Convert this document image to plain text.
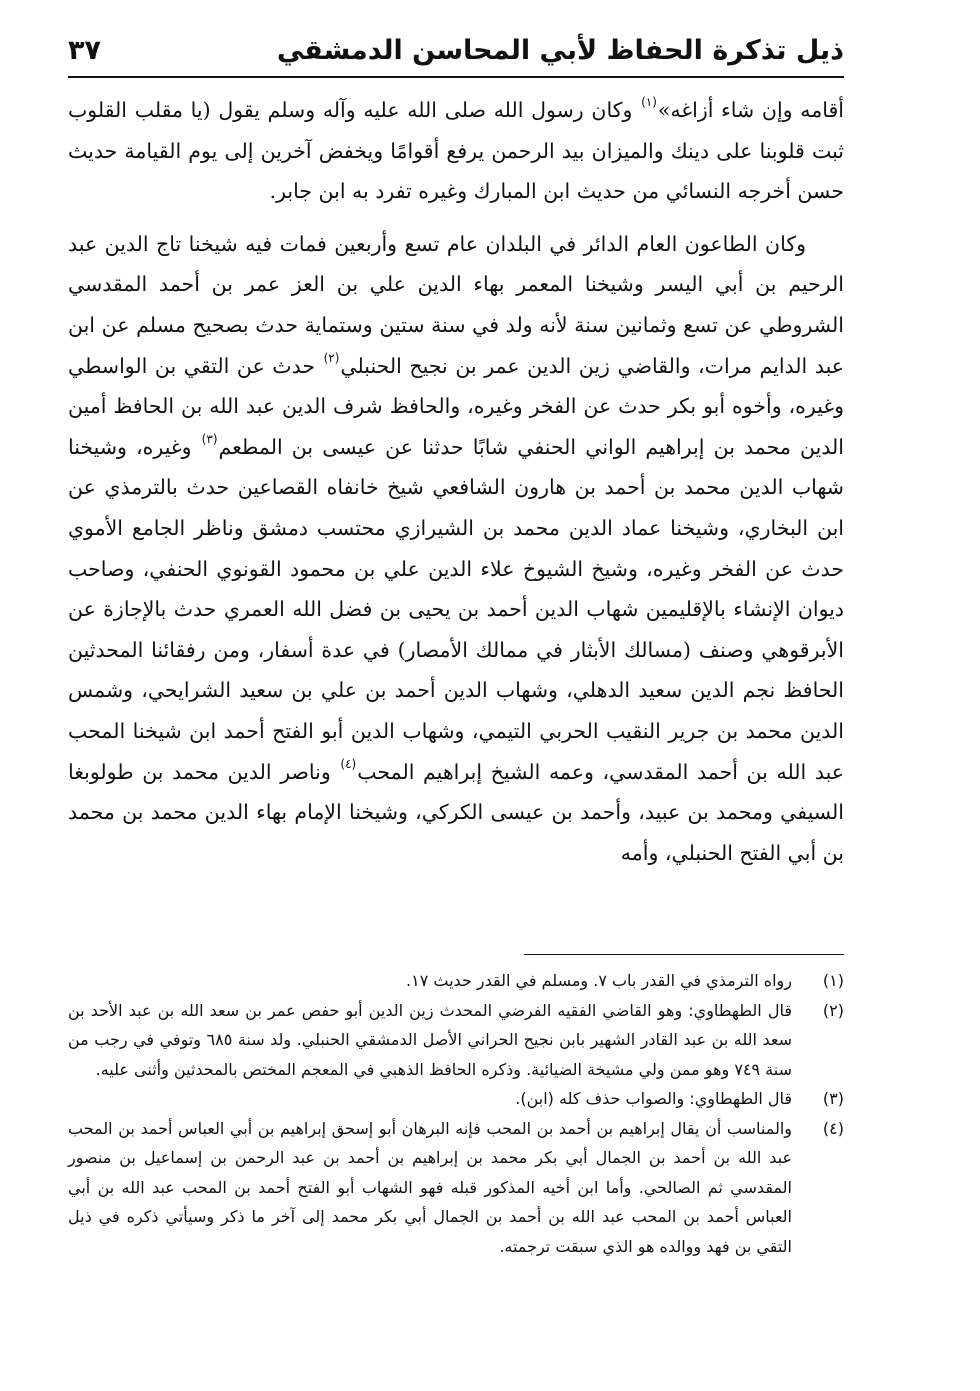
ذيل تذكرة الحفاظ لأبي المحاسن الدمشقي
٣٧

أقامه وإن شاء أزاغه»$^{(١)}$ وكان رسول الله صلى الله عليه وآله وسلم يقول (يا مقلب القلوب ثبت قلوبنا على دينك والميزان بيد الرحمن يرفع أقوامًا ويخفض آخرين إلى يوم القيامة حديث حسن أخرجه النسائي من حديث ابن المبارك وغيره تفرد به ابن جابر.

وكان الطاعون العام الدائر في البلدان عام تسع وأربعين فمات فيه شيخنا تاج الدين عبد الرحيم بن أبي اليسر وشيخنا المعمر بهاء الدين علي بن العز عمر بن أحمد المقدسي الشروطي عن تسع وثمانين سنة لأنه ولد في سنة ستين وستماية حدث بصحيح مسلم عن ابن عبد الدايم مرات، والقاضي زين الدين عمر بن نجيح الحنبلي$^{(٢)}$ حدث عن التقي بن الواسطي وغيره، وأخوه أبو بكر حدث عن الفخر وغيره، والحافظ شرف الدين عبد الله بن الحافظ أمين الدين محمد بن إبراهيم الواني الحنفي شابًا حدثنا عن عيسى بن المطعم$^{(٣)}$ وغيره، وشيخنا شهاب الدين محمد بن أحمد بن هارون الشافعي شيخ خانفاه القصاعين حدث بالترمذي عن ابن البخاري، وشيخنا عماد الدين محمد بن الشيرازي محتسب دمشق وناظر الجامع الأموي حدث عن الفخر وغيره، وشيخ الشيوخ علاء الدين علي بن محمود القونوي الحنفي، وصاحب ديوان الإنشاء بالإقليمين شهاب الدين أحمد بن يحيى بن فضل الله العمري حدث بالإجازة عن الأبرقوهي وصنف (مسالك الأبثار في ممالك الأمصار) في عدة أسفار، ومن رفقائنا المحدثين الحافظ نجم الدين سعيد الدهلي، وشهاب الدين أحمد بن علي بن سعيد الشرايحي، وشمس الدين محمد بن جرير النقيب الحربي التيمي، وشهاب الدين أبو الفتح أحمد ابن شيخنا المحب عبد الله بن أحمد المقدسي، وعمه الشيخ إبراهيم المحب$^{(٤)}$ وناصر الدين محمد بن طولوبغا السيفي ومحمد بن عبيد، وأحمد بن عيسى الكركي، وشيخنا الإمام بهاء الدين محمد بن محمد بن أبي الفتح الحنبلي، وأمه

(١)
رواه الترمذي في القدر باب ٧. ومسلم في القدر حديث ١٧.
(٢)
قال الطهطاوي: وهو القاضي الفقيه الفرضي المحدث زين الدين أبو حفص عمر بن سعد الله بن عبد الأحد بن سعد الله بن عبد القادر الشهير بابن نجيح الحراني الأصل الدمشقي الحنبلي. ولد سنة ٦٨٥ وتوفي في رجب من سنة ٧٤٩ وهو ممن ولي مشيخة الضيائية. وذكره الحافظ الذهبي في المعجم المختص بالمحدثين وأثنى عليه.
(٣)
قال الطهطاوي: والصواب حذف كله (ابن).
(٤)
والمناسب أن يقال إبراهيم بن أحمد بن المحب فإنه البرهان أبو إسحق إبراهيم بن أبي العباس أحمد بن المحب عبد الله بن أحمد بن الجمال أبي بكر محمد بن إبراهيم بن أحمد بن عبد الرحمن بن إسماعيل بن منصور المقدسي ثم الصالحي. وأما ابن أخيه المذكور قبله فهو الشهاب أبو الفتح أحمد بن المحب عبد الله بن أبي العباس أحمد بن المحب عبد الله بن أحمد بن الجمال أبي بكر محمد إلى آخر ما ذكر وسيأتي ذكره في ذيل التقي بن فهد ووالده هو الذي سبقت ترجمته.
